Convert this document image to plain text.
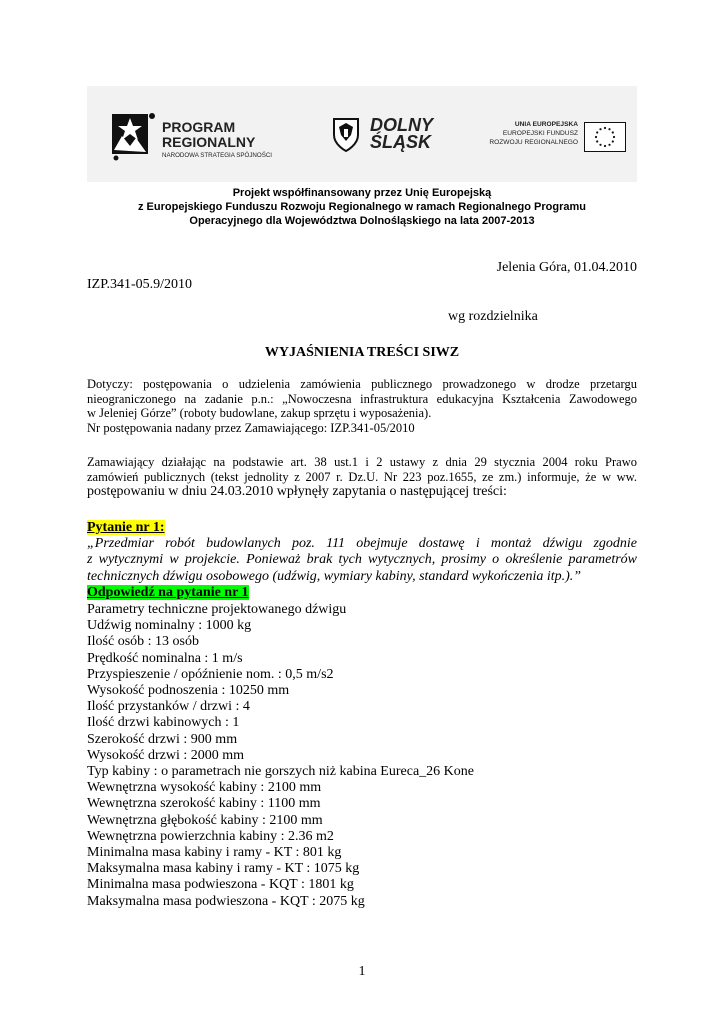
PROGRAM
REGIONALNY
NARODOWA STRATEGIA SPÓJNOŚCI
DOLNY
ŚLĄSK
UNIA EUROPEJSKA
EUROPEJSKI FUNDUSZ
ROZWOJU REGIONALNEGO
Projekt współfinansowany przez Unię Europejską
z Europejskiego Funduszu Rozwoju Regionalnego w ramach Regionalnego Programu
Operacyjnego dla Województwa Dolnośląskiego na lata 2007-2013
Jelenia Góra, 01.04.2010
IZP.341-05.9/2010
wg rozdzielnika
WYJAŚNIENIA TREŚCI SIWZ
Dotyczy: postępowania o udzielenia zamówienia publicznego prowadzonego w drodze przetargu
nieograniczonego na zadanie p.n.: „Nowoczesna infrastruktura edukacyjna Kształcenia Zawodowego
w Jeleniej Górze” (roboty budowlane, zakup sprzętu i wyposażenia).
Nr postępowania nadany przez Zamawiającego: IZP.341-05/2010
Zamawiający działając na podstawie art. 38 ust.1 i 2 ustawy z dnia 29 stycznia 2004 roku Prawo
zamówień publicznych (tekst jednolity z 2007 r. Dz.U. Nr 223 poz.1655, ze zm.) informuje, że w ww.
postępowaniu w dniu 24.03.2010 wpłynęły zapytania o następującej treści:
Pytanie nr 1:
„Przedmiar robót budowlanych poz. 111 obejmuje dostawę i montaż dźwigu zgodnie
z wytycznymi w projekcie. Ponieważ brak tych wytycznych, prosimy o określenie parametrów
technicznych dźwigu osobowego (udźwig, wymiary kabiny, standard wykończenia itp.).”
Odpowiedź na pytanie nr 1
Parametry techniczne projektowanego dźwigu
Udźwig nominalny : 1000 kg
Ilość osób : 13 osób
Prędkość nominalna : 1 m/s
Przyspieszenie / opóźnienie nom. : 0,5 m/s2
Wysokość podnoszenia : 10250 mm
Ilość przystanków / drzwi : 4
Ilość drzwi kabinowych : 1
Szerokość drzwi : 900 mm
Wysokość drzwi : 2000 mm
Typ kabiny : o parametrach nie gorszych niż kabina Eureca_26 Kone
Wewnętrzna wysokość kabiny : 2100 mm
Wewnętrzna szerokość kabiny : 1100 mm
Wewnętrzna głębokość kabiny : 2100 mm
Wewnętrzna powierzchnia kabiny : 2.36 m2
Minimalna masa kabiny i ramy - KT : 801 kg
Maksymalna masa kabiny i ramy - KT : 1075 kg
Minimalna masa podwieszona - KQT : 1801 kg
Maksymalna masa podwieszona - KQT : 2075 kg
1
